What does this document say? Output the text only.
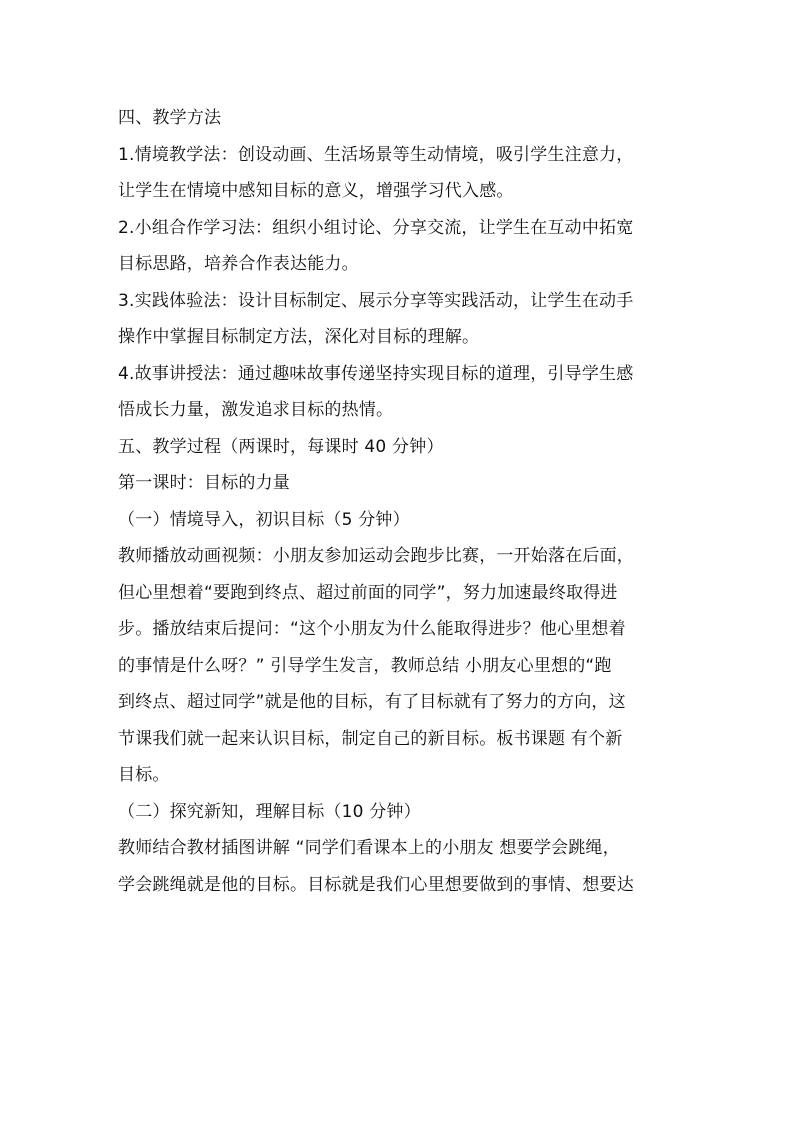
四、教学方法
1.情境教学法：创设动画、生活场景等生动情境，吸引学生注意力，
让学生在情境中感知目标的意义，增强学习代入感。
2.小组合作学习法：组织小组讨论、分享交流，让学生在互动中拓宽
目标思路，培养合作表达能力。
3.实践体验法：设计目标制定、展示分享等实践活动，让学生在动手
操作中掌握目标制定方法，深化对目标的理解。
4.故事讲授法：通过趣味故事传递坚持实现目标的道理，引导学生感
悟成长力量，激发追求目标的热情。
五、教学过程（两课时，每课时 40 分钟）
第一课时：目标的力量
（一）情境导入，初识目标（5 分钟）
教师播放动画视频：小朋友参加运动会跑步比赛，一开始落在后面，
但心里想着“要跑到终点、超过前面的同学”，努力加速最终取得进
步。播放结束后提问：“这个小朋友为什么能取得进步？他心里想着
的事情是什么呀？” 引导学生发言，教师总结 小朋友心里想的“跑
到终点、超过同学”就是他的目标，有了目标就有了努力的方向，这
节课我们就一起来认识目标，制定自己的新目标。板书课题 有个新
目标。
（二）探究新知，理解目标（10 分钟）
教师结合教材插图讲解 “同学们看课本上的小朋友 想要学会跳绳，
学会跳绳就是他的目标。目标就是我们心里想要做到的事情、想要达
